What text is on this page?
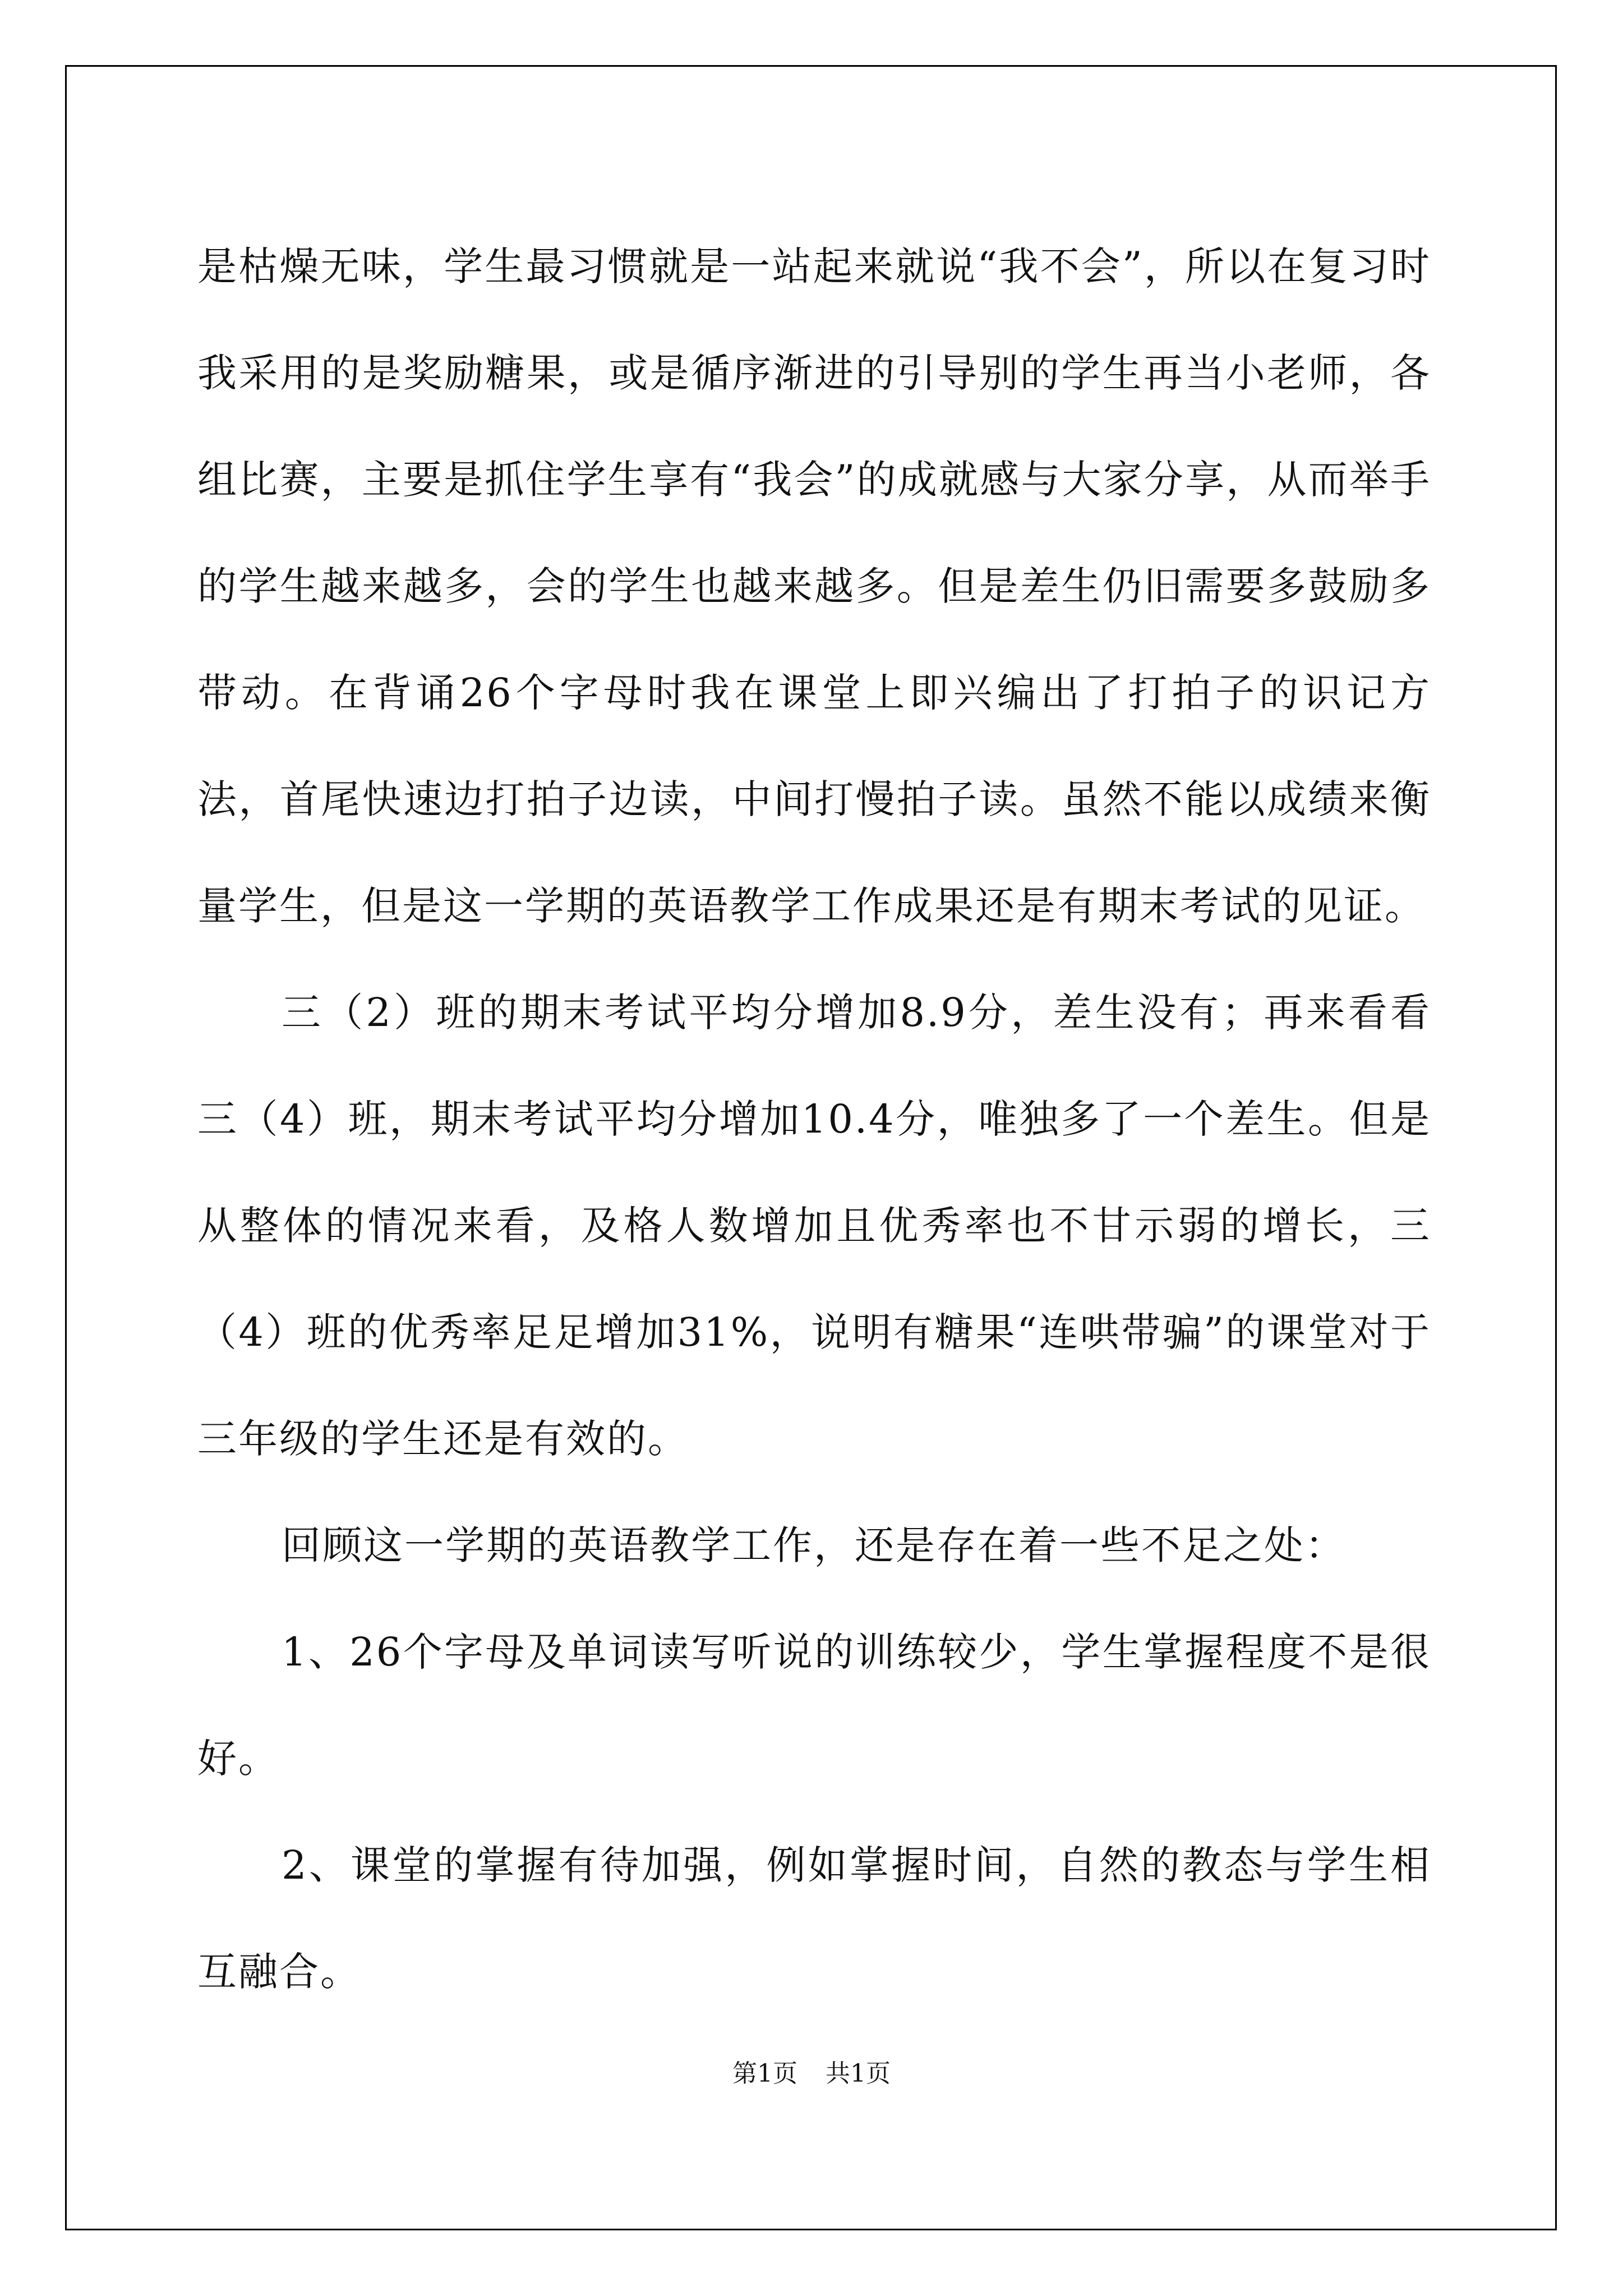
是枯燥无味，学生最习惯就是一站起来就说“我不会”，所以在复习时我采用的是奖励糖果，或是循序渐进的引导别的学生再当小老师，各组比赛，主要是抓住学生享有“我会”的成就感与大家分享，从而举手的学生越来越多，会的学生也越来越多。但是差生仍旧需要多鼓励多带动。在背诵26个字母时我在课堂上即兴编出了打拍子的识记方法，首尾快速边打拍子边读，中间打慢拍子读。虽然不能以成绩来衡量学生，但是这一学期的英语教学工作成果还是有期末考试的见证。

三（2）班的期末考试平均分增加8.9分，差生没有；再来看看三（4）班，期末考试平均分增加10.4分，唯独多了一个差生。但是从整体的情况来看，及格人数增加且优秀率也不甘示弱的增长，三（4）班的优秀率足足增加31%，说明有糖果“连哄带骗”的课堂对于三年级的学生还是有效的。

回顾这一学期的英语教学工作，还是存在着一些不足之处：

1、26个字母及单词读写听说的训练较少，学生掌握程度不是很好。

2、课堂的掌握有待加强，例如掌握时间，自然的教态与学生相互融合。

第1页 共1页
